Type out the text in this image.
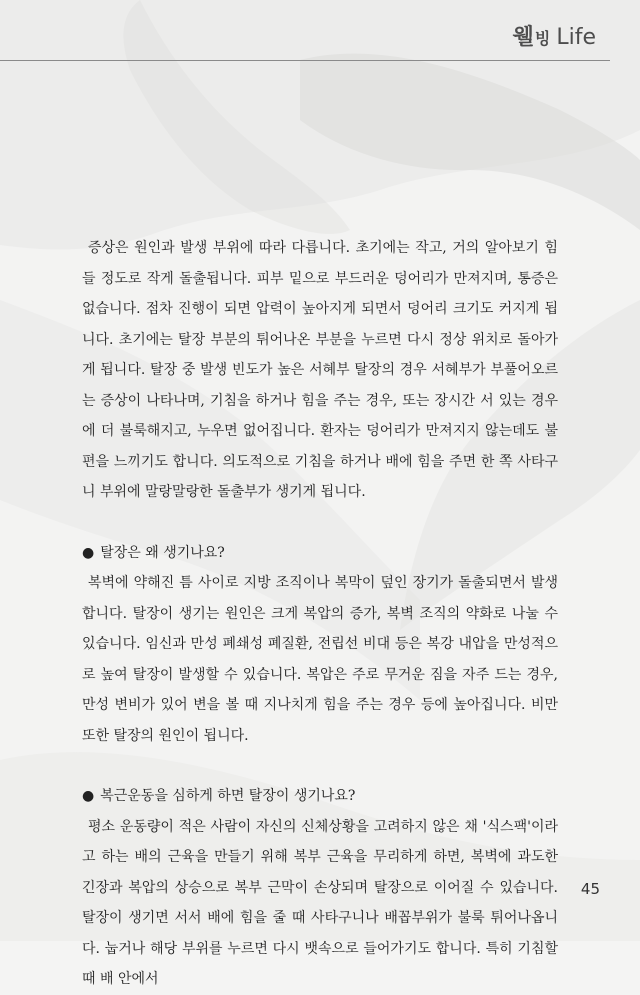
웰빙 Life

증상은 원인과 발생 부위에 따라 다릅니다. 초기에는 작고, 거의 알아보기 힘들 정도로 작게 돌출됩니다. 피부 밑으로 부드러운 덩어리가 만져지며, 통증은 없습니다. 점차 진행이 되면 압력이 높아지게 되면서 덩어리 크기도 커지게 됩니다. 초기에는 탈장 부분의 튀어나온 부분을 누르면 다시 정상 위치로 돌아가게 됩니다. 탈장 중 발생 빈도가 높은 서혜부 탈장의 경우 서혜부가 부풀어오르는 증상이 나타나며, 기침을 하거나 힘을 주는 경우, 또는 장시간 서 있는 경우에 더 불룩해지고, 누우면 없어집니다. 환자는 덩어리가 만져지지 않는데도 불편을 느끼기도 합니다. 의도적으로 기침을 하거나 배에 힘을 주면 한 쪽 사타구니 부위에 말랑말랑한 돌출부가 생기게 됩니다.

● 탈장은 왜 생기나요?

복벽에 약해진 틈 사이로 지방 조직이나 복막이 덮인 장기가 돌출되면서 발생합니다. 탈장이 생기는 원인은 크게 복압의 증가, 복벽 조직의 약화로 나눌 수 있습니다. 임신과 만성 폐쇄성 폐질환, 전립선 비대 등은 복강 내압을 만성적으로 높여 탈장이 발생할 수 있습니다. 복압은 주로 무거운 짐을 자주 드는 경우, 만성 변비가 있어 변을 볼 때 지나치게 힘을 주는 경우 등에 높아집니다. 비만 또한 탈장의 원인이 됩니다.

● 복근운동을 심하게 하면 탈장이 생기나요?

평소 운동량이 적은 사람이 자신의 신체상황을 고려하지 않은 채 '식스팩'이라고 하는 배의 근육을 만들기 위해 복부 근육을 무리하게 하면, 복벽에 과도한 긴장과 복압의 상승으로 복부 근막이 손상되며 탈장으로 이어질 수 있습니다. 탈장이 생기면 서서 배에 힘을 줄 때 사타구니나 배꼽부위가 불룩 튀어나옵니다. 눕거나 해당 부위를 누르면 다시 뱃속으로 들어가기도 합니다. 특히 기침할 때 배 안에서

45
